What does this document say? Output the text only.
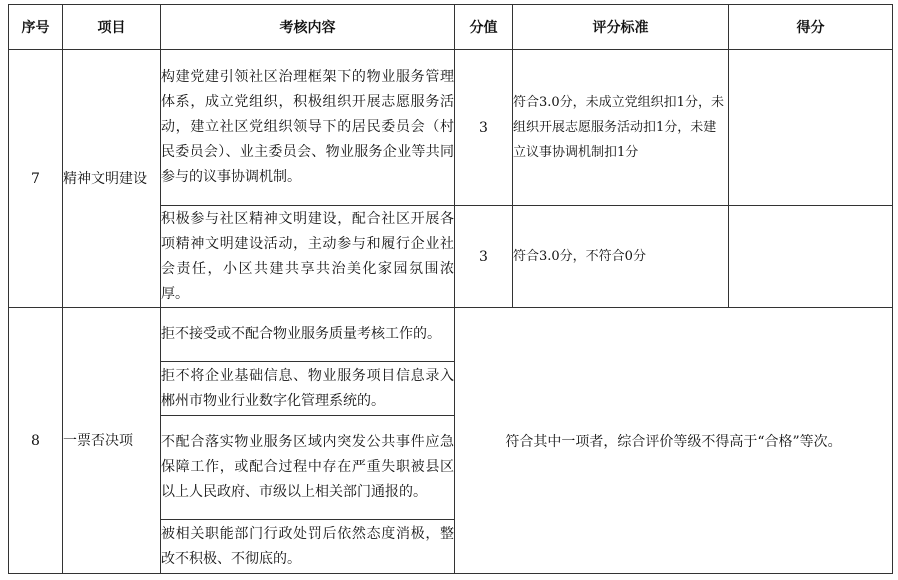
序号	项目	考核内容	分值	评分标准	得分
7	精神文明建设	构建党建引领社区治理框架下的物业服务管理体系，成立党组织，积极组织开展志愿服务活动，建立社区党组织领导下的居民委员会（村民委员会）、业主委员会、物业服务企业等共同参与的议事协调机制。	3	符合3.0分，未成立党组织扣1分，未组织开展志愿服务活动扣1分，未建立议事协调机制扣1分	
		积极参与社区精神文明建设，配合社区开展各项精神文明建设活动，主动参与和履行企业社会责任，小区共建共享共治美化家园氛围浓厚。	3	符合3.0分，不符合0分	
8	一票否决项	拒不接受或不配合物业服务质量考核工作的。	符合其中一项者，综合评价等级不得高于“合格”等次。		
		拒不将企业基础信息、物业服务项目信息录入郴州市物业行业数字化管理系统的。			
		不配合落实物业服务区域内突发公共事件应急保障工作，或配合过程中存在严重失职被县区以上人民政府、市级以上相关部门通报的。			
		被相关职能部门行政处罚后依然态度消极，整改不积极、不彻底的。			
